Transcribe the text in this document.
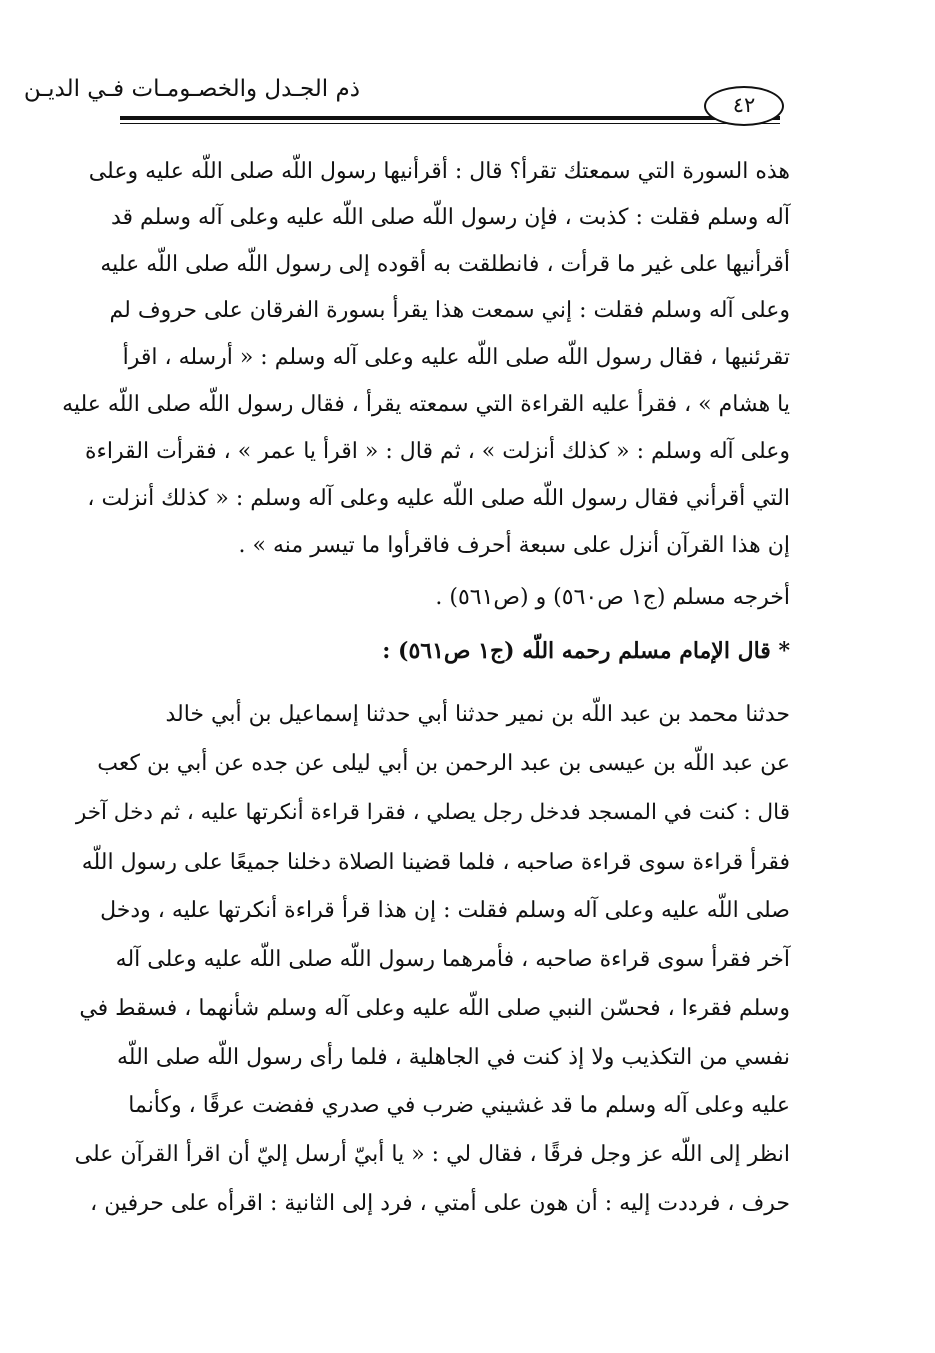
ذم الجـدل والخصـومـات فـي الديـن
٤٢
هذه السورة التي سمعتك تقرأ؟ قال : أقرأنيها رسول اللّه صلى اللّه عليه وعلى
آله وسلم فقلت : كذبت ، فإن رسول اللّه صلى اللّه عليه وعلى آله وسلم قد
أقرأنيها على غير ما قرأت ، فانطلقت به أقوده إلى رسول اللّه صلى اللّه عليه
وعلى آله وسلم فقلت : إني سمعت هذا يقرأ بسورة الفرقان على حروف لم
تقرئنيها ، فقال رسول اللّه صلى اللّه عليه وعلى آله وسلم : « أرسله ، اقرأ
يا هشام » ، فقرأ عليه القراءة التي سمعته يقرأ ، فقال رسول اللّه صلى اللّه عليه
وعلى آله وسلم : « كذلك أنزلت » ، ثم قال : « اقرأ يا عمر » ، فقرأت القراءة
التي أقرأني فقال رسول اللّه صلى اللّه عليه وعلى آله وسلم : « كذلك أنزلت ،
إن هذا القرآن أنزل على سبعة أحرف فاقرأوا ما تيسر منه » .
أخرجه مسلم (ج١ ص٥٦٠) و (ص٥٦١) .
* قال الإمام مسلم رحمه اللّه (ج١ ص٥٦١) :
حدثنا محمد بن عبد اللّه بن نمير حدثنا أبي حدثنا إسماعيل بن أبي خالد
عن عبد اللّه بن عيسى بن عبد الرحمن بن أبي ليلى عن جده عن أبي بن كعب
قال : كنت في المسجد فدخل رجل يصلي ، فقرا قراءة أنكرتها عليه ، ثم دخل آخر
فقرأ قراءة سوى قراءة صاحبه ، فلما قضينا الصلاة دخلنا جميعًا على رسول اللّه
صلى اللّه عليه وعلى آله وسلم فقلت : إن هذا قرأ قراءة أنكرتها عليه ، ودخل
آخر فقرأ سوى قراءة صاحبه ، فأمرهما رسول اللّه صلى اللّه عليه وعلى آله
وسلم فقرءا ، فحسّن النبي صلى اللّه عليه وعلى آله وسلم شأنهما ، فسقط في
نفسي من التكذيب ولا إذ كنت في الجاهلية ، فلما رأى رسول اللّه صلى اللّه
عليه وعلى آله وسلم ما قد غشيني ضرب في صدري ففضت عرقًا ، وكأنما
انظر إلى اللّه عز وجل فرقًا ، فقال لي : « يا أبيّ أرسل إليّ أن اقرأ القرآن على
حرف ، فرددت إليه : أن هون على أمتي ، فرد إلى الثانية : اقرأه على حرفين ،
